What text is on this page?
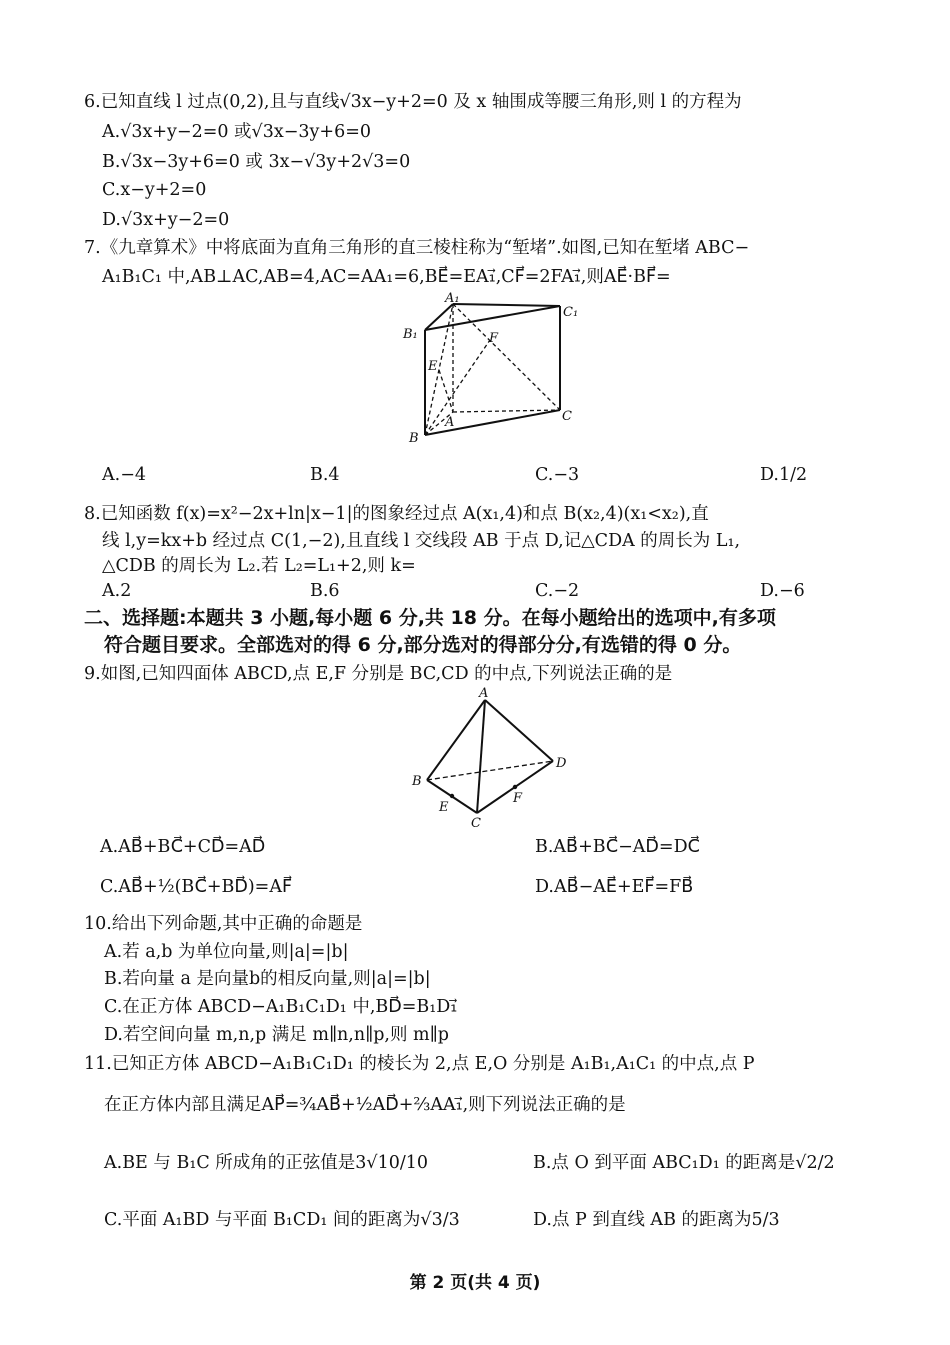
6.已知直线 l 过点(0,2),且与直线√3x−y+2=0 及 x 轴围成等腰三角形,则 l 的方程为
A.√3x+y−2=0 或√3x−3y+6=0
B.√3x−3y+6=0 或 3x−√3y+2√3=0
C.x−y+2=0
D.√3x+y−2=0
7.《九章算术》中将底面为直角三角形的直三棱柱称为“堑堵”.如图,已知在堑堵 ABC−
A₁B₁C₁ 中,AB⊥AC,AB=4,AC=AA₁=6,BE⃗=EA₁⃗,CF⃗=2FA₁⃗,则AE⃗·BF⃗=
A₁
B₁
C₁
E
F
A
B
C
A.−4	B.4	C.−3	D.1/2
8.已知函数 f(x)=x²−2x+ln|x−1|的图象经过点 A(x₁,4)和点 B(x₂,4)(x₁<x₂),直
线 l,y=kx+b 经过点 C(1,−2),且直线 l 交线段 AB 于点 D,记△CDA 的周长为 L₁,
△CDB 的周长为 L₂.若 L₂=L₁+2,则 k=
A.2	B.6	C.−2	D.−6
二、选择题:本题共 3 小题,每小题 6 分,共 18 分。在每小题给出的选项中,有多项
符合题目要求。全部选对的得 6 分,部分选对的得部分分,有选错的得 0 分。
9.如图,已知四面体 ABCD,点 E,F 分别是 BC,CD 的中点,下列说法正确的是
A
B
C
D
E
F
A.AB⃗+BC⃗+CD⃗=AD⃗	B.AB⃗+BC⃗−AD⃗=DC⃗
C.AB⃗+½(BC⃗+BD⃗)=AF⃗	D.AB⃗−AE⃗+EF⃗=FB⃗
10.给出下列命题,其中正确的命题是
A.若 a,b 为单位向量,则|a|=|b|
B.若向量 a 是向量b的相反向量,则|a|=|b|
C.在正方体 ABCD−A₁B₁C₁D₁ 中,BD⃗=B₁D₁⃗
D.若空间向量 m,n,p 满足 m∥n,n∥p,则 m∥p
11.已知正方体 ABCD−A₁B₁C₁D₁ 的棱长为 2,点 E,O 分别是 A₁B₁,A₁C₁ 的中点,点 P
在正方体内部且满足AP⃗=¾AB⃗+½AD⃗+⅔AA₁⃗,则下列说法正确的是
A.BE 与 B₁C 所成角的正弦值是3√10/10	B.点 O 到平面 ABC₁D₁ 的距离是√2/2
C.平面 A₁BD 与平面 B₁CD₁ 间的距离为√3/3	D.点 P 到直线 AB 的距离为5/3
第 2 页(共 4 页)
